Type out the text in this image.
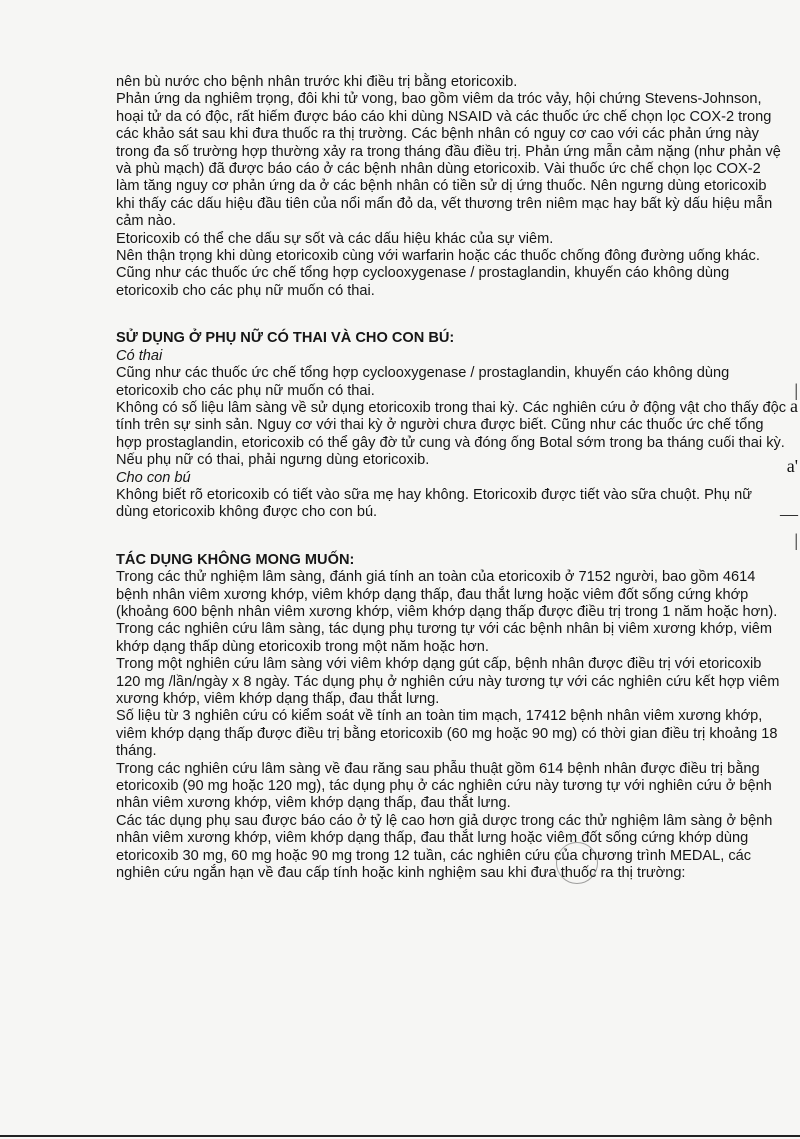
nên bù nước cho bệnh nhân trước khi điều trị bằng etoricoxib.

Phản ứng da nghiêm trọng, đôi khi tử vong, bao gồm viêm da tróc vảy, hội chứng Stevens-Johnson, hoại tử da có độc, rất hiếm được báo cáo khi dùng NSAID và các thuốc ức chế chọn lọc COX-2 trong các khảo sát sau khi đưa thuốc ra thị trường. Các bệnh nhân có nguy cơ cao với các phản ứng này trong đa số trường hợp thường xảy ra trong tháng đầu điều trị. Phản ứng mẫn cảm nặng (như phản vệ và phù mạch) đã được báo cáo ở các bệnh nhân dùng etoricoxib. Vài thuốc ức chế chọn lọc COX-2 làm tăng nguy cơ phản ứng da ở các bệnh nhân có tiền sử dị ứng thuốc. Nên ngưng dùng etoricoxib khi thấy các dấu hiệu đầu tiên của nổi mẩn đỏ da, vết thương trên niêm mạc hay bất kỳ dấu hiệu mẫn cảm nào.

Etoricoxib có thể che dấu sự sốt và các dấu hiệu khác của sự viêm.

Nên thận trọng khi dùng etoricoxib cùng với warfarin hoặc các thuốc chống đông đường uống khác.

Cũng như các thuốc ức chế tổng hợp cyclooxygenase / prostaglandin, khuyến cáo không dùng etoricoxib cho các phụ nữ muốn có thai.

SỬ DỤNG Ở PHỤ NỮ CÓ THAI VÀ CHO CON BÚ:

Có thai

Cũng như các thuốc ức chế tổng hợp cyclooxygenase / prostaglandin, khuyến cáo không dùng etoricoxib cho các phụ nữ muốn có thai.

Không có số liệu lâm sàng về sử dụng etoricoxib trong thai kỳ. Các nghiên cứu ở động vật cho thấy độc tính trên sự sinh sản. Nguy cơ với thai kỳ ở người chưa được biết. Cũng như các thuốc ức chế tổng hợp prostaglandin, etoricoxib có thể gây đờ tử cung và đóng ống Botal sớm trong ba tháng cuối thai kỳ. Nếu phụ nữ có thai, phải ngưng dùng etoricoxib.

Cho con bú

Không biết rõ etoricoxib có tiết vào sữa mẹ hay không. Etoricoxib được tiết vào sữa chuột. Phụ nữ dùng etoricoxib không được cho con bú.

TÁC DỤNG KHÔNG MONG MUỐN:

Trong các thử nghiệm lâm sàng, đánh giá tính an toàn của etoricoxib ở 7152 người, bao gồm 4614 bệnh nhân viêm xương khớp, viêm khớp dạng thấp, đau thắt lưng hoặc viêm đốt sống cứng khớp (khoảng 600 bệnh nhân viêm xương khớp, viêm khớp dạng thấp được điều trị trong 1 năm hoặc hơn).

Trong các nghiên cứu lâm sàng, tác dụng phụ tương tự với các bệnh nhân bị viêm xương khớp, viêm khớp dạng thấp dùng etoricoxib trong một năm hoặc hơn.

Trong một nghiên cứu lâm sàng với viêm khớp dạng gút cấp, bệnh nhân được điều trị với etoricoxib 120 mg /lần/ngày x 8 ngày. Tác dụng phụ ở nghiên cứu này tương tự với các nghiên cứu kết hợp viêm xương khớp, viêm khớp dạng thấp, đau thắt lưng.

Số liệu từ 3 nghiên cứu có kiểm soát về tính an toàn tim mạch, 17412 bệnh nhân viêm xương khớp, viêm khớp dạng thấp được điều trị bằng etoricoxib (60 mg hoặc 90 mg) có thời gian điều trị khoảng 18 tháng.

Trong các nghiên cứu lâm sàng về đau răng sau phẫu thuật gồm 614 bệnh nhân được điều trị bằng etoricoxib (90 mg hoặc 120 mg), tác dụng phụ ở các nghiên cứu này tương tự với nghiên cứu ở bệnh nhân viêm xương khớp, viêm khớp dạng thấp, đau thắt lưng.

Các tác dụng phụ sau được báo cáo ở tỷ lệ cao hơn giả dược trong các thử nghiệm lâm sàng ở bệnh nhân viêm xương khớp, viêm khớp dạng thấp, đau thắt lưng hoặc viêm đốt sống cứng khớp dùng etoricoxib 30 mg, 60 mg hoặc 90 mg trong 12 tuần, các nghiên cứu của chương trình MEDAL, các nghiên cứu ngắn hạn về đau cấp tính hoặc kinh nghiệm sau khi đưa thuốc ra thị trường:

a
a'
|
—
|
